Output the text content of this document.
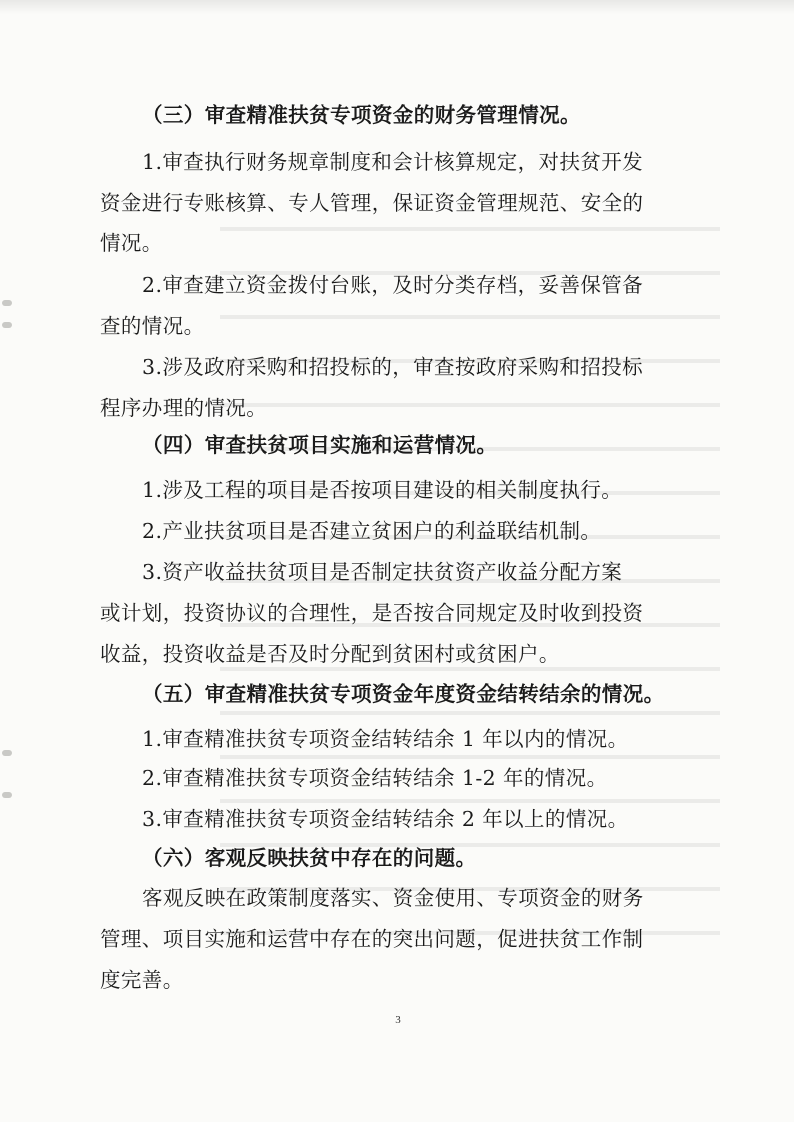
（三）审查精准扶贫专项资金的财务管理情况。
1.审查执行财务规章制度和会计核算规定，对扶贫开发
资金进行专账核算、专人管理，保证资金管理规范、安全的
情况。
2.审查建立资金拨付台账，及时分类存档，妥善保管备
查的情况。
3.涉及政府采购和招投标的，审查按政府采购和招投标
程序办理的情况。
（四）审查扶贫项目实施和运营情况。
1.涉及工程的项目是否按项目建设的相关制度执行。
2.产业扶贫项目是否建立贫困户的利益联结机制。
3.资产收益扶贫项目是否制定扶贫资产收益分配方案
或计划，投资协议的合理性，是否按合同规定及时收到投资
收益，投资收益是否及时分配到贫困村或贫困户。
（五）审查精准扶贫专项资金年度资金结转结余的情况。
1.审查精准扶贫专项资金结转结余 1 年以内的情况。
2.审查精准扶贫专项资金结转结余 1-2 年的情况。
3.审查精准扶贫专项资金结转结余 2 年以上的情况。
（六）客观反映扶贫中存在的问题。
客观反映在政策制度落实、资金使用、专项资金的财务
管理、项目实施和运营中存在的突出问题，促进扶贫工作制
度完善。
3
